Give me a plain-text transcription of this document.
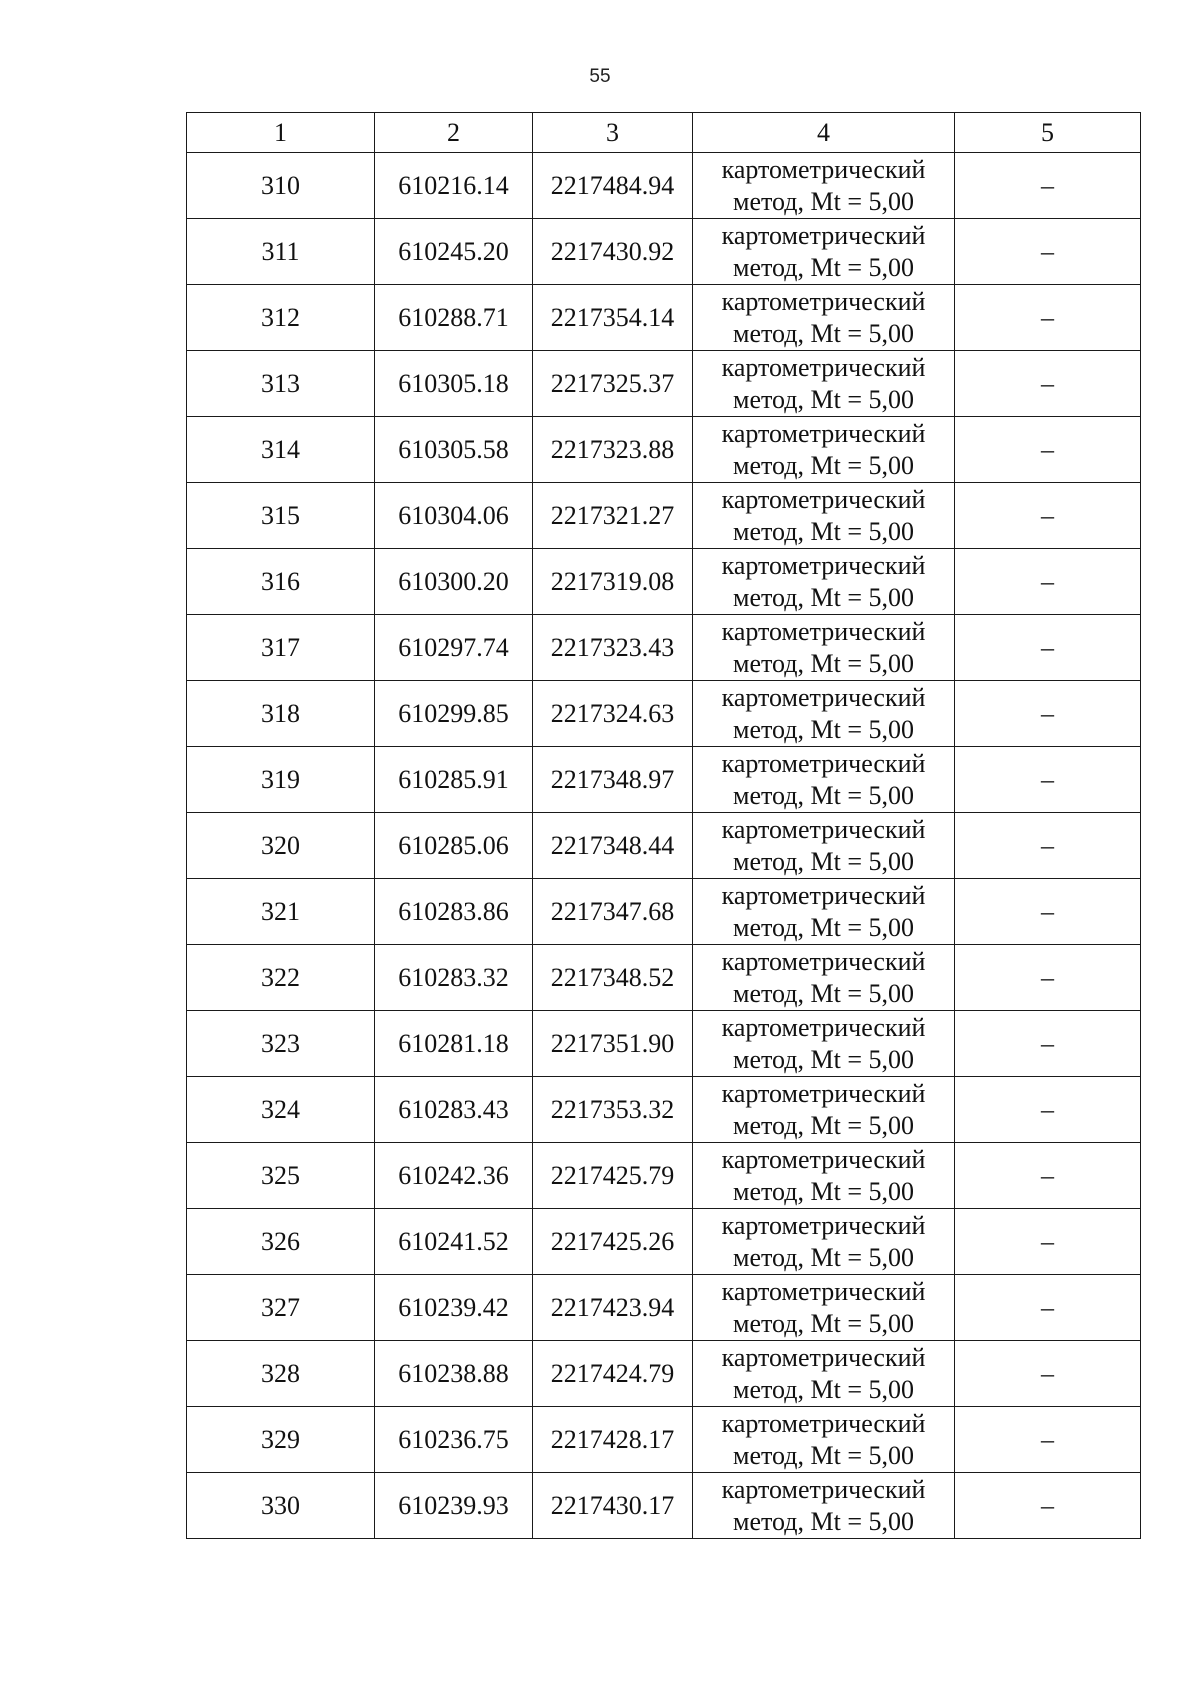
55
1	2	3	4	5
310	610216.14	2217484.94	картометрический
метод, Mt = 5,00	–
311	610245.20	2217430.92	картометрический
метод, Mt = 5,00	–
312	610288.71	2217354.14	картометрический
метод, Mt = 5,00	–
313	610305.18	2217325.37	картометрический
метод, Mt = 5,00	–
314	610305.58	2217323.88	картометрический
метод, Mt = 5,00	–
315	610304.06	2217321.27	картометрический
метод, Mt = 5,00	–
316	610300.20	2217319.08	картометрический
метод, Mt = 5,00	–
317	610297.74	2217323.43	картометрический
метод, Mt = 5,00	–
318	610299.85	2217324.63	картометрический
метод, Mt = 5,00	–
319	610285.91	2217348.97	картометрический
метод, Mt = 5,00	–
320	610285.06	2217348.44	картометрический
метод, Mt = 5,00	–
321	610283.86	2217347.68	картометрический
метод, Mt = 5,00	–
322	610283.32	2217348.52	картометрический
метод, Mt = 5,00	–
323	610281.18	2217351.90	картометрический
метод, Mt = 5,00	–
324	610283.43	2217353.32	картометрический
метод, Mt = 5,00	–
325	610242.36	2217425.79	картометрический
метод, Mt = 5,00	–
326	610241.52	2217425.26	картометрический
метод, Mt = 5,00	–
327	610239.42	2217423.94	картометрический
метод, Mt = 5,00	–
328	610238.88	2217424.79	картометрический
метод, Mt = 5,00	–
329	610236.75	2217428.17	картометрический
метод, Mt = 5,00	–
330	610239.93	2217430.17	картометрический
метод, Mt = 5,00	–
